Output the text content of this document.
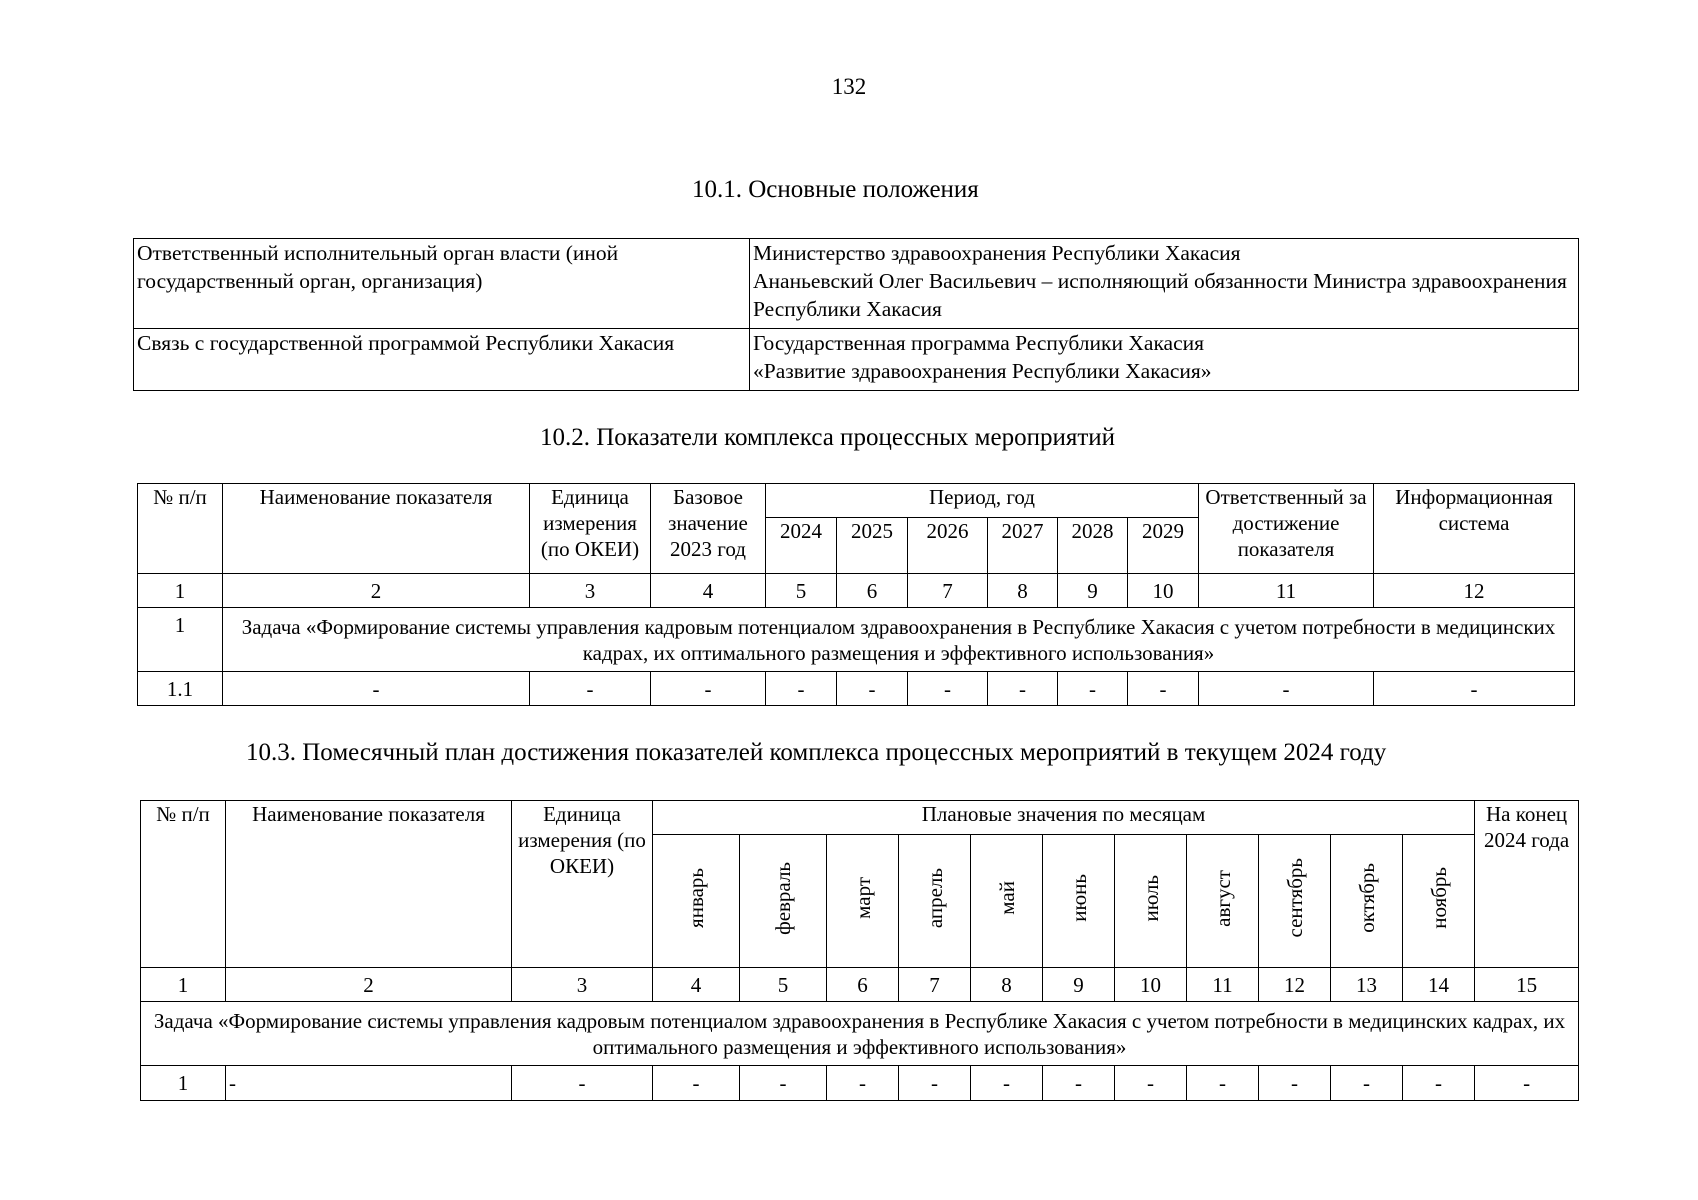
132
10.1. Основные положения
Ответственный исполнительный орган власти (иной государственный орган, организация)	Министерство здравоохранения Республики Хакасия
Ананьевский Олег Васильевич – исполняющий обязанности Министра здравоохранения Республики Хакасия

Связь с государственной программой Республики Хакасия	Государственная программа Республики Хакасия
«Развитие здравоохранения Республики Хакасия»
10.2. Показатели комплекса процессных мероприятий
№ п/п	Наименование показателя	Единица измерения (по ОКЕИ)	Базовое значение 2023 год	Период, год						Ответственный за достижение показателя	Информационная система
				2024	2025	2026	2027	2028	2029		
1	2	3	4	5	6	7	8	9	10	11	12
1	Задача «Формирование системы управления кадровым потенциалом здравоохранения в Республике Хакасия с учетом потребности в медицинских кадрах, их оптимального размещения и эффективного использования»										
1.1	-	-	-	-	-	-	-	-	-	-	-
10.3. Помесячный план достижения показателей комплекса процессных мероприятий в текущем 2024 году
№ п/п	Наименование показателя	Единица измерения (по ОКЕИ)	Плановые значения по месяцам											На конец 2024 года
			январь	февраль	март	апрель	май	июнь	июль	август	сентябрь	октябрь	ноябрь	
1	2	3	4	5	6	7	8	9	10	11	12	13	14	15
Задача «Формирование системы управления кадровым потенциалом здравоохранения в Республике Хакасия с учетом потребности в медицинских кадрах, их оптимального размещения и эффективного использования»														
1	-	-	-	-	-	-	-	-	-	-	-	-	-	-
